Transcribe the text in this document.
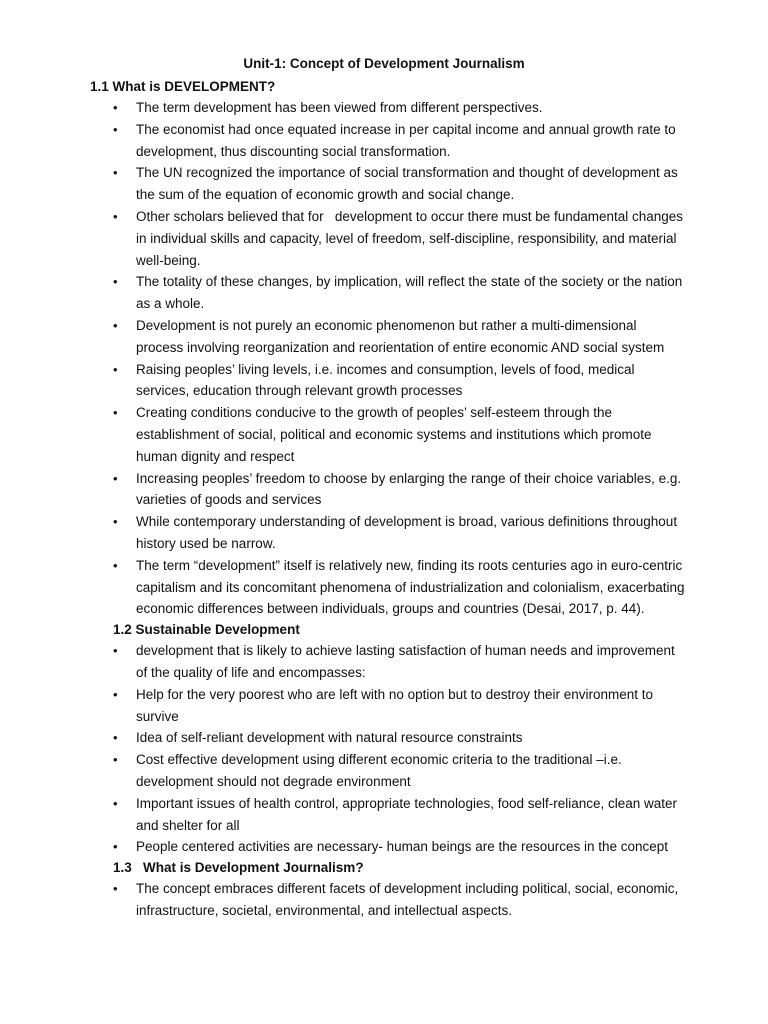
Unit-1: Concept of Development Journalism
1.1 What is DEVELOPMENT?
• The term development has been viewed from different perspectives.
• The economist had once equated increase in per capital income and annual growth rate to development, thus discounting social transformation.
• The UN recognized the importance of social transformation and thought of development as the sum of the equation of economic growth and social change.
• Other scholars believed that for   development to occur there must be fundamental changes in individual skills and capacity, level of freedom, self-discipline, responsibility, and material well-being.
• The totality of these changes, by implication, will reflect the state of the society or the nation as a whole.
• Development is not purely an economic phenomenon but rather a multi-dimensional process involving reorganization and reorientation of entire economic AND social system
• Raising peoples’ living levels, i.e. incomes and consumption, levels of food, medical services, education through relevant growth processes
• Creating conditions conducive to the growth of peoples’ self-esteem through the establishment of social, political and economic systems and institutions which promote human dignity and respect
• Increasing peoples’ freedom to choose by enlarging the range of their choice variables, e.g. varieties of goods and services
• While contemporary understanding of development is broad, various definitions throughout history used be narrow.
• The term “development” itself is relatively new, finding its roots centuries ago in euro-centric capitalism and its concomitant phenomena of industrialization and colonialism, exacerbating economic differences between individuals, groups and countries (Desai, 2017, p. 44).
1.2 Sustainable Development
• development that is likely to achieve lasting satisfaction of human needs and improvement of the quality of life and encompasses:
• Help for the very poorest who are left with no option but to destroy their environment to survive
• Idea of self-reliant development with natural resource constraints
• Cost effective development using different economic criteria to the traditional –i.e. development should not degrade environment
• Important issues of health control, appropriate technologies, food self-reliance, clean water and shelter for all
• People centered activities are necessary- human beings are the resources in the concept
1.3   What is Development Journalism?
• The concept embraces different facets of development including political, social, economic, infrastructure, societal, environmental, and intellectual aspects.
